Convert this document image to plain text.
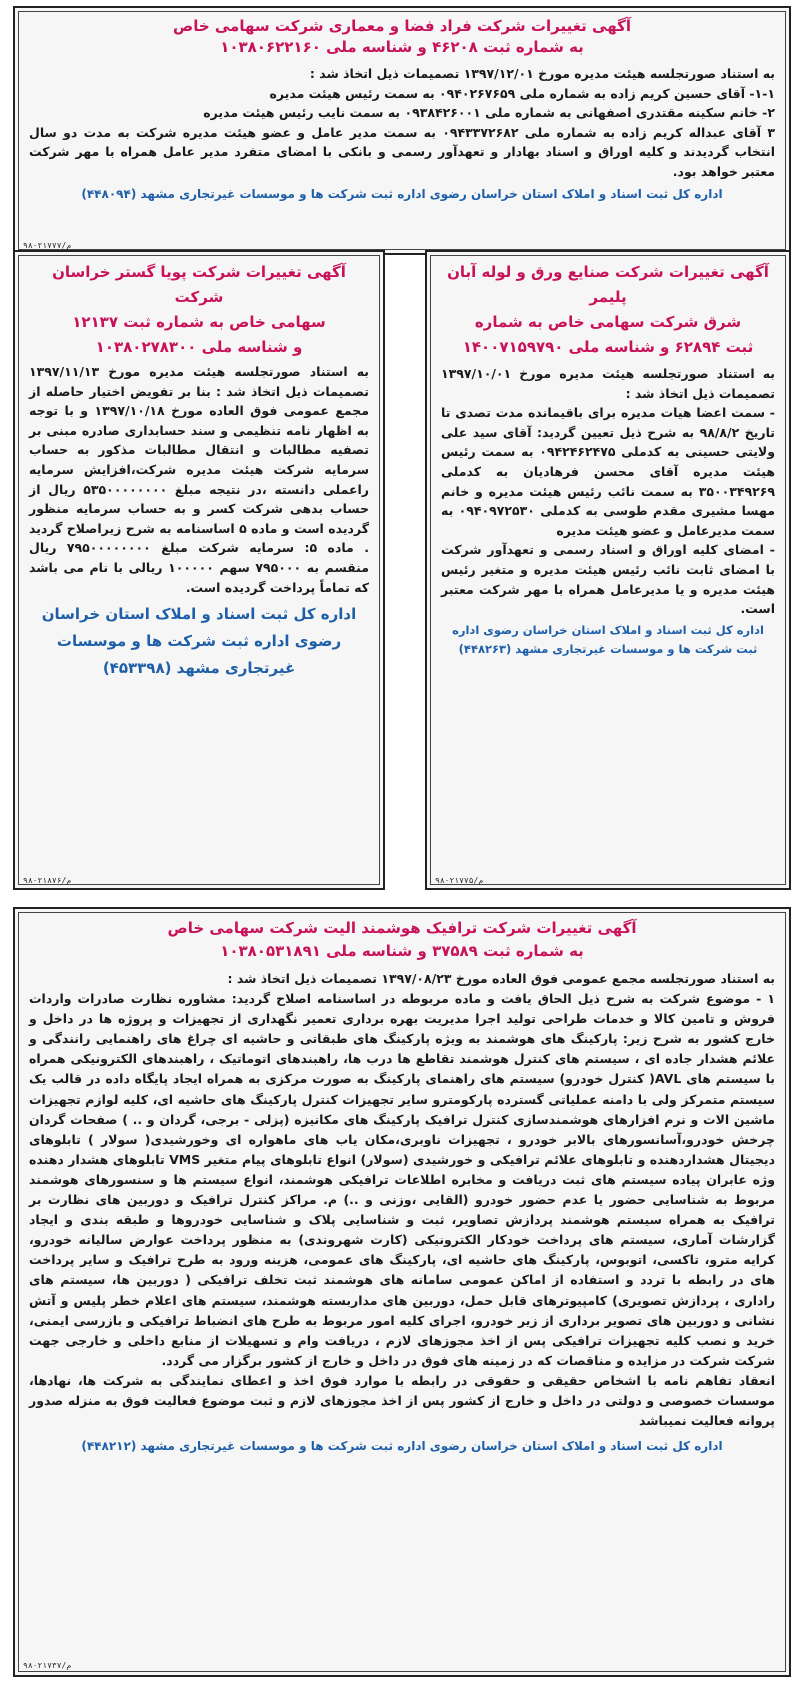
آگهی تغییرات شرکت فراد فضا و معماری شرکت سهامی خاص
به شماره ثبت ۴۶۲۰۸ و شناسه ملی ۱۰۳۸۰۶۲۲۱۶۰

به استناد صورتجلسه هیئت مدیره مورخ ۱۳۹۷/۱۲/۰۱ تصمیمات ذیل اتخاذ شد :

۱-۱- آقای حسین کریم زاده به شماره ملی ۰۹۴۰۲۶۷۶۵۹ به سمت رئیس هیئت مدیره

۲- خانم سکینه مقتدری اصفهانی به شماره ملی ۰۹۳۸۴۲۶۰۰۱ به سمت نایب رئیس هیئت مدیره

۳ آقای عبداله کریم زاده به شماره ملی ۰۹۴۳۳۷۲۶۸۲ به سمت مدیر عامل و عضو هیئت مدیره شرکت به مدت دو سال انتخاب گردیدند و کلیه اوراق و اسناد بهادار و تعهدآور رسمی و بانکی با امضای متفرد مدیر عامل همراه با مهر شرکت معتبر خواهد بود.

اداره کل ثبت اسناد و املاک استان خراسان رضوی اداره ثبت شرکت ها و موسسات غیرتجاری مشهد (۴۴۸۰۹۴)
۹۸۰۲۱۷۷۷/م
آگهی تغییرات شرکت پویا گستر خراسان شرکت
سهامی خاص به شماره ثبت ۱۲۱۳۷
و شناسه ملی ۱۰۳۸۰۲۷۸۳۰۰

به استناد صورتجلسه هیئت مدیره مورخ ۱۳۹۷/۱۱/۱۳ تصمیمات ذیل اتخاذ شد : بنا بر تفویض اختیار حاصله از مجمع عمومی فوق العاده مورخ ۱۳۹۷/۱۰/۱۸ و با توجه به اظهار نامه تنظیمی و سند حسابداری صادره مبنی بر تصفیه مطالبات و انتقال مطالبات مذکور به حساب سرمایه شرکت هیئت مدیره شرکت،افزایش سرمایه راعملی دانسته ،در نتیجه مبلغ ۵۳۵۰۰۰۰۰۰۰۰ ریال از حساب بدهی شرکت کسر و به حساب سرمایه منظور گردیده است و ماده ۵ اساسنامه به شرح زیراصلاح گردید . ماده ۵: سرمایه شرکت مبلغ ۷۹۵۰۰۰۰۰۰۰۰ ریال منقسم به ۷۹۵۰۰۰ سهم ۱۰۰۰۰۰ ریالی با نام می باشد که تماماً پرداخت گردیده است.

اداره کل ثبت اسناد و املاک استان خراسان رضوی اداره ثبت شرکت ها و موسسات غیرتجاری مشهد (۴۵۳۳۹۸)
۹۸۰۲۱۸۷۶/م
آگهی تغییرات شرکت صنایع ورق و لوله آبان پلیمر
شرق شرکت سهامی خاص به شماره
ثبت ۶۲۸۹۴ و شناسه ملی ۱۴۰۰۷۱۵۹۷۹۰

به استناد صورتجلسه هیئت مدیره مورخ ۱۳۹۷/۱۰/۰۱ تصمیمات ذیل اتخاذ شد :

- سمت اعضا هیات مدیره برای باقیمانده مدت تصدی تا تاریخ ۹۸/۸/۲ به شرح ذیل تعیین گردید: آقای سید علی ولایتی حسینی به کدملی ۰۹۴۲۴۶۲۴۷۵ به سمت رئیس هیئت مدیره آقای محسن فرهادیان به کدملی ۳۵۰۰۳۴۹۲۶۹ به سمت نائب رئیس هیئت مدیره و خانم مهسا مشیری مقدم طوسی به کدملی ۰۹۴۰۹۷۲۵۳۰ به سمت مدیرعامل و عضو هیئت مدیره

- امضای کلیه اوراق و اسناد رسمی و تعهدآور شرکت با امضای ثابت نائب رئیس هیئت مدیره و متغیر رئیس هیئت مدیره و یا مدیرعامل همراه با مهر شرکت معتبر است.

اداره کل ثبت اسناد و املاک استان خراسان رضوی اداره ثبت شرکت ها و موسسات غیرتجاری مشهد (۴۴۸۲۶۳)
۹۸۰۲۱۷۷۵/م
آگهی تغییرات شرکت ترافیک هوشمند الیت شرکت سهامی خاص
به شماره ثبت ۳۷۵۸۹ و شناسه ملی ۱۰۳۸۰۵۳۱۸۹۱

به استناد صورتجلسه مجمع عمومی فوق العاده مورخ ۱۳۹۷/۰۸/۲۳ تصمیمات ذیل اتخاذ شد :

۱ - موضوع شرکت به شرح ذیل الحاق یافت و ماده مربوطه در اساسنامه اصلاح گردید: مشاوره نظارت صادرات واردات فروش و تامین کالا و خدمات طراحی تولید اجرا مدیریت بهره برداری تعمیر نگهداری از تجهیزات و پروژه ها در داخل و خارج کشور به شرح زیر: پارکینگ های هوشمند به ویژه پارکینگ های طبقاتی و حاشیه ای چراغ های راهنمایی رانندگی و علائم هشدار جاده ای ، سیستم های کنترل هوشمند تقاطع ها درب ها، راهبندهای اتوماتیک ، راهبندهای الکترونیکی همراه با سیستم های AVL( کنترل خودرو) سیستم های راهنمای پارکینگ به صورت مرکزی به همراه ایجاد پایگاه داده در قالب یک سیستم متمرکز ولی با دامنه عملیاتی گسترده پارکومترو سایر تجهیزات کنترل پارکینگ های حاشیه ای، کلیه لوازم تجهیزات ماشین الات و نرم افزارهای هوشمندسازی کنترل ترافیک پارکینگ های مکانیزه (پزلی - برجی، گردان و .. ) صفحات گردان چرخش خودرو،آسانسورهای بالابر خودرو ، تجهیزات ناوبری،مکان یاب های ماهواره ای وخورشیدی( سولار ) تابلوهای دیجیتال هشداردهنده و تابلوهای علائم ترافیکی و خورشیدی (سولار) انواع تابلوهای پیام متغیر VMS تابلوهای هشدار دهنده وژه عابران پیاده سیستم های ثبت دریافت و مخابره اطلاعات ترافیکی هوشمند، انواع سیستم ها و سنسورهای هوشمند مربوط به شناسایی حضور یا عدم حضور خودرو (القایی ،وزنی و ..) م. مراکز کنترل ترافیک و دوربین های نظارت بر ترافیک به همراه سیستم هوشمند پردازش تصاویر، ثبت و شناسایی پلاک و شناسایی خودروها و طبقه بندی و ایجاد گزارشات آماری، سیستم های پرداخت خودکار الکترونیکی (کارت شهروندی) به منظور پرداخت عوارض سالیانه خودرو، کرایه مترو، تاکسی، اتوبوس، پارکینگ های حاشیه ای، پارکینگ های عمومی، هزینه ورود به طرح ترافیک و سایر پرداخت های در رابطه با تردد و استفاده از اماکن عمومی سامانه های هوشمند ثبت تخلف ترافیکی ( دوربین ها، سیستم های راداری ، پردازش تصویری) کامپیوترهای قابل حمل، دوربین های مداربسته هوشمند، سیستم های اعلام خطر پلیس و آتش نشانی و دوربین های تصویر برداری از زیر خودرو، اجرای کلیه امور مربوط به طرح های انضباط ترافیکی و بازرسی ایمنی، خرید و نصب کلیه تجهیزات ترافیکی پس از اخذ مجوزهای لازم ، دریافت وام و تسهیلات از منابع داخلی و خارجی جهت شرکت شرکت در مزایده و مناقصات که در زمینه های فوق در داخل و خارج از کشور برگزار می گردد.

انعقاد تفاهم نامه با اشخاص حقیقی و حقوقی در رابطه با موارد فوق اخذ و اعطای نمایندگی به شرکت ها، نهادها، موسسات خصوصی و دولتی در داخل و خارج از کشور پس از اخذ مجوزهای لازم و ثبت موضوع فعالیت فوق به منزله صدور پروانه فعالیت نمیباشد

اداره کل ثبت اسناد و املاک استان خراسان رضوی اداره ثبت شرکت ها و موسسات غیرتجاری مشهد (۴۴۸۲۱۲)
۹۸۰۲۱۷۳۷/م
